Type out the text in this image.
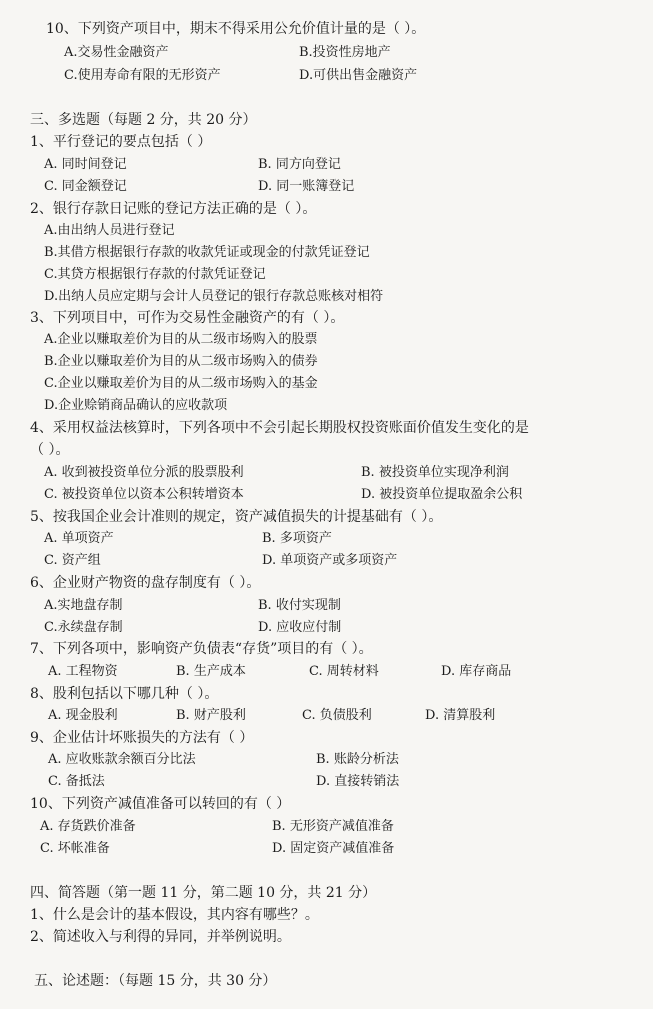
10、下列资产项目中，期末不得采用公允价值计量的是（ ）。
A.交易性金融资产	B.投资性房地产
C.使用寿命有限的无形资产	D.可供出售金融资产
三、多选题（每题 2 分，共 20 分）
1、平行登记的要点包括（ ）
A. 同时间登记	B. 同方向登记
C. 同金额登记	D. 同一账簿登记
2、银行存款日记账的登记方法正确的是（ ）。
A.由出纳人员进行登记
B.其借方根据银行存款的收款凭证或现金的付款凭证登记
C.其贷方根据银行存款的付款凭证登记
D.出纳人员应定期与会计人员登记的银行存款总账核对相符
3、下列项目中，可作为交易性金融资产的有（ ）。
A.企业以赚取差价为目的从二级市场购入的股票
B.企业以赚取差价为目的从二级市场购入的债券
C.企业以赚取差价为目的从二级市场购入的基金
D.企业赊销商品确认的应收款项
4、采用权益法核算时，下列各项中不会引起长期股权投资账面价值发生变化的是
（ ）。
A. 收到被投资单位分派的股票股利	B. 被投资单位实现净利润
C. 被投资单位以资本公积转增资本	D. 被投资单位提取盈余公积
5、按我国企业会计准则的规定，资产减值损失的计提基础有（ ）。
A. 单项资产	B. 多项资产
C. 资产组	D. 单项资产或多项资产
6、企业财产物资的盘存制度有（ ）。
A.实地盘存制	B. 收付实现制
C.永续盘存制	D. 应收应付制
7、下列各项中，影响资产负债表“存货”项目的有（ ）。
A. 工程物资	B. 生产成本	C. 周转材料	D. 库存商品
8、股利包括以下哪几种（ ）。
A. 现金股利	B. 财产股利	C. 负债股利	D. 清算股利
9、企业估计坏账损失的方法有（ ）
A. 应收账款余额百分比法	B. 账龄分析法
C. 备抵法	D. 直接转销法
10、下列资产减值准备可以转回的有（ ）
A. 存货跌价准备	B. 无形资产减值准备
C. 坏帐准备	D. 固定资产减值准备
四、简答题（第一题 11 分，第二题 10 分，共 21 分）
1、什么是会计的基本假设，其内容有哪些？。
2、简述收入与利得的异同，并举例说明。
五、论述题：（每题 15 分，共 30 分）
